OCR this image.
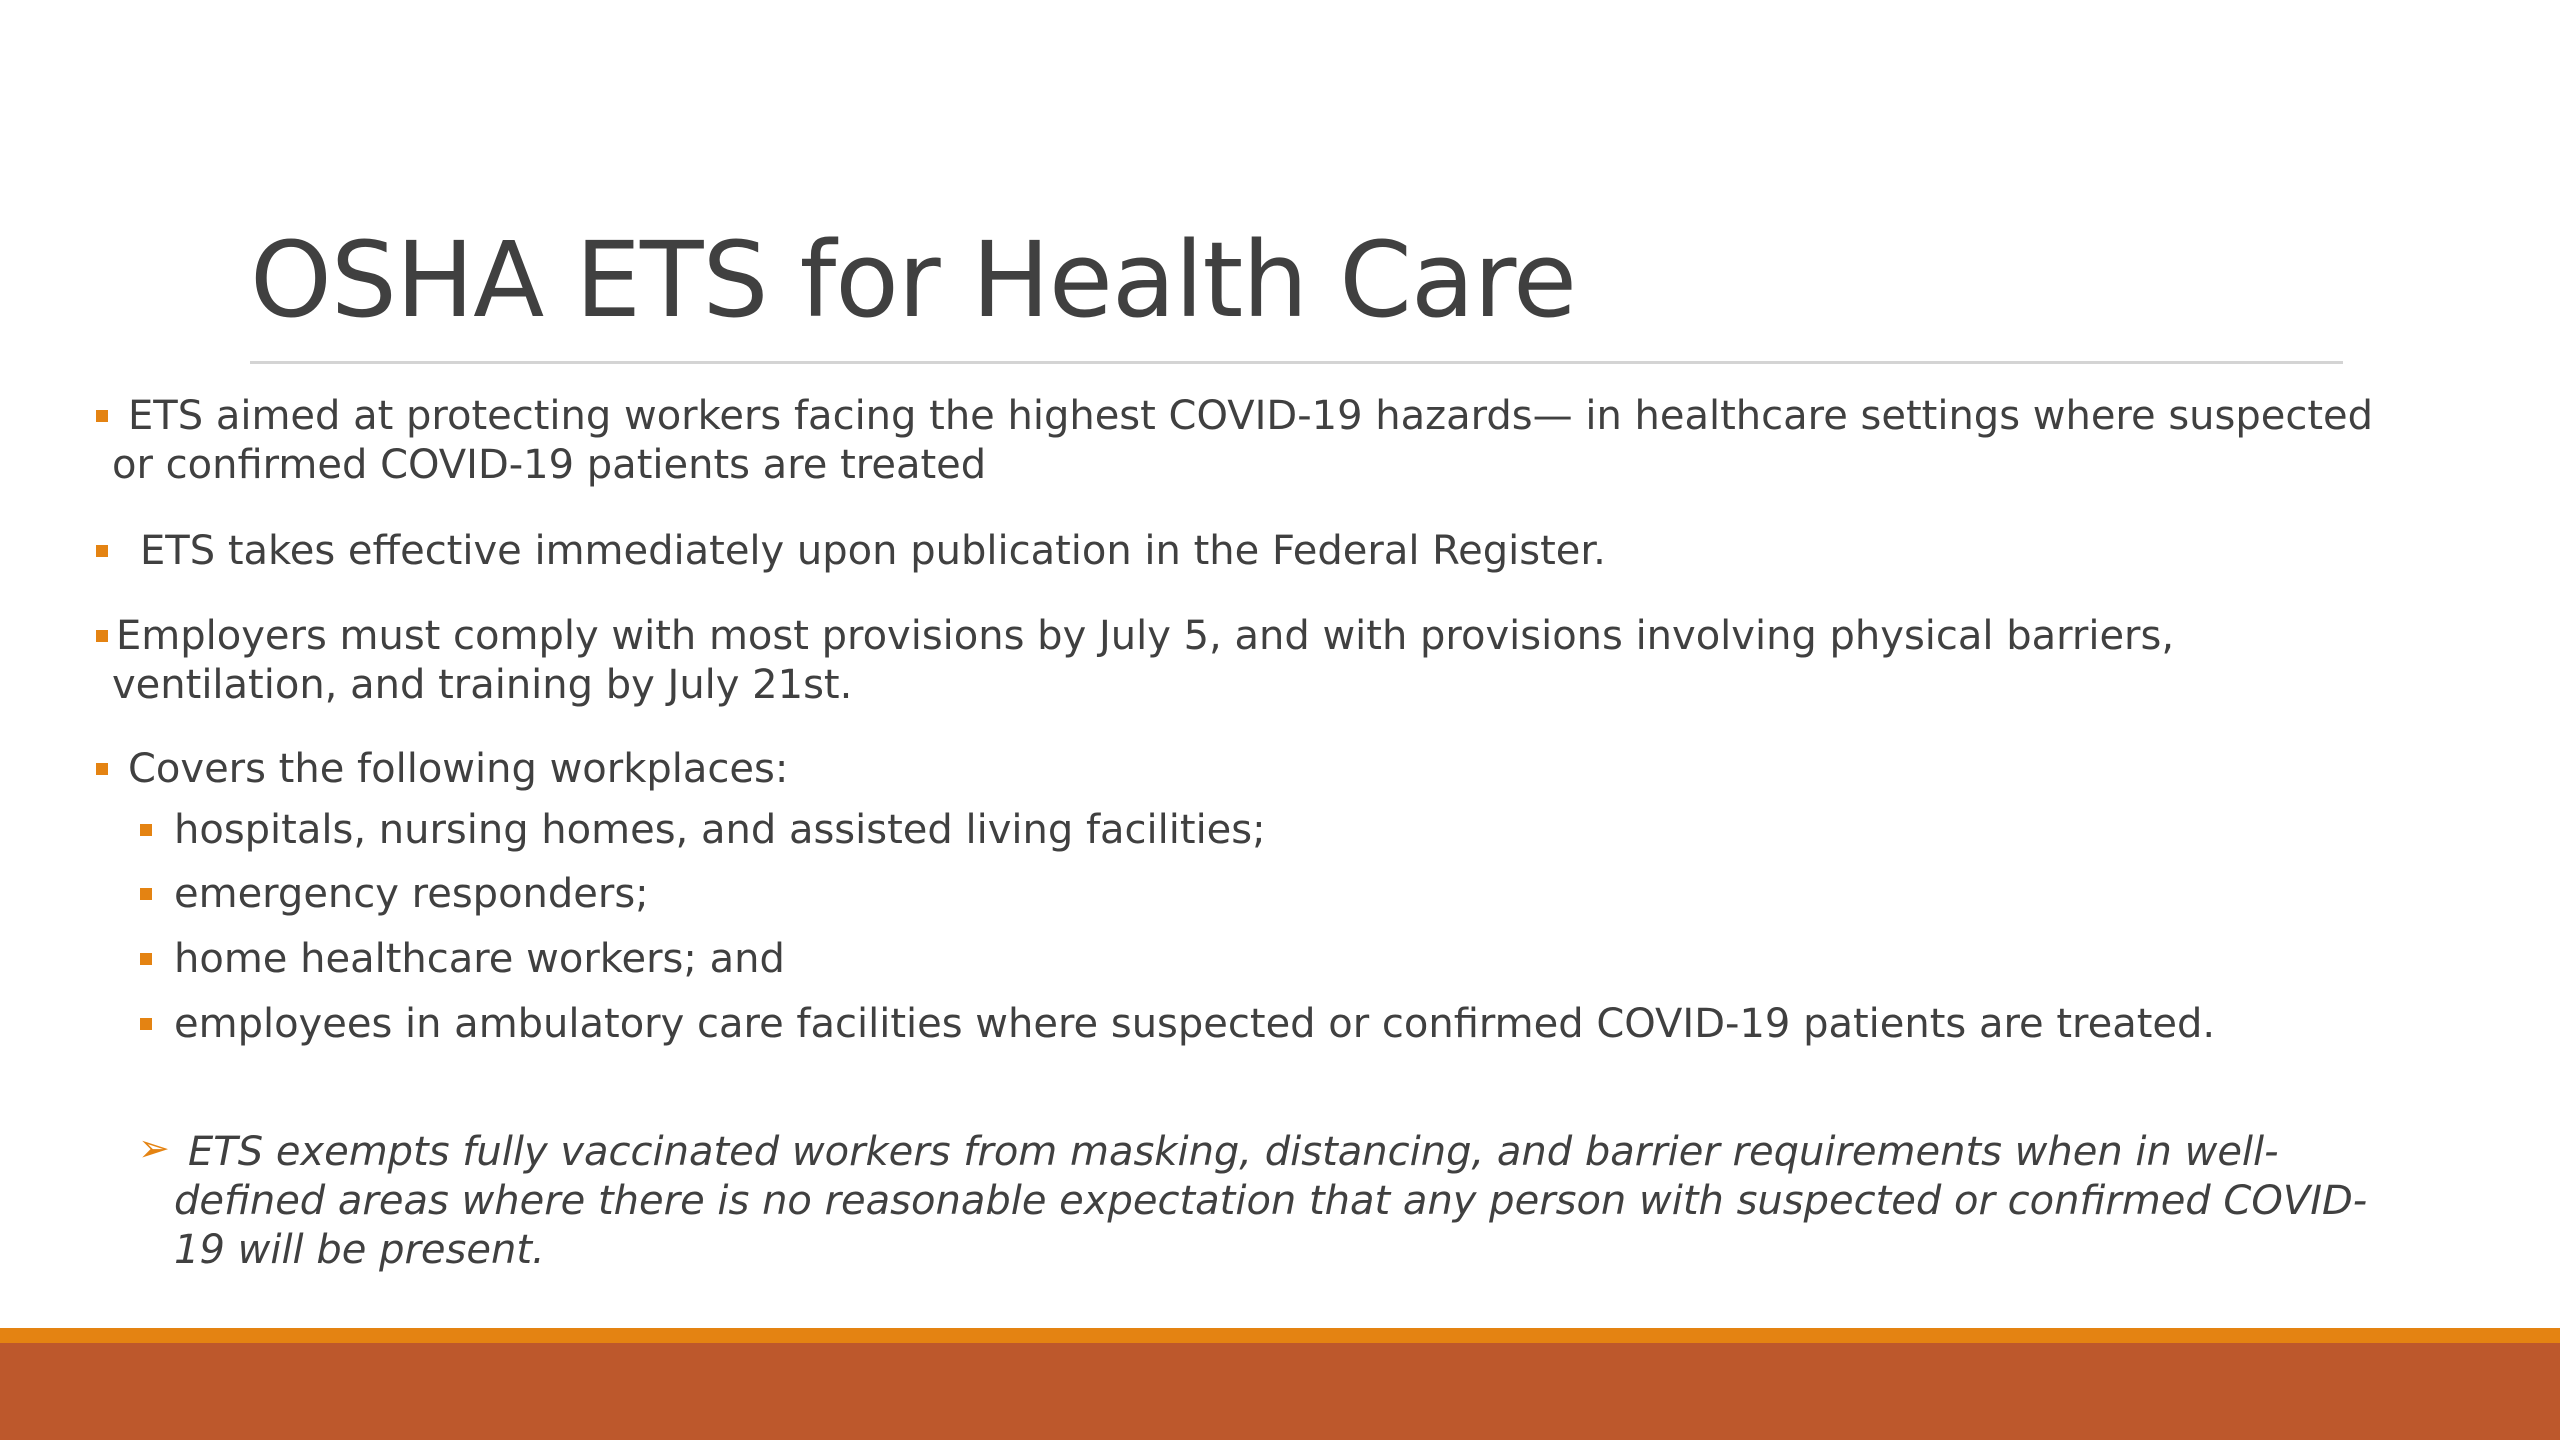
OSHA ETS for Health Care
ETS aimed at protecting workers facing the highest COVID-19 hazards— in healthcare settings where suspected
or confirmed COVID-19 patients are treated
ETS takes effective immediately upon publication in the Federal Register.
Employers must comply with most provisions by July 5, and with provisions involving physical barriers,
ventilation, and training by July 21st.
Covers the following workplaces:
hospitals, nursing homes, and assisted living facilities;
emergency responders;
home healthcare workers; and
employees in ambulatory care facilities where suspected or confirmed COVID-19 patients are treated.
➢ ETS exempts fully vaccinated workers from masking, distancing, and barrier requirements when in well-
defined areas where there is no reasonable expectation that any person with suspected or confirmed COVID-
19 will be present.
